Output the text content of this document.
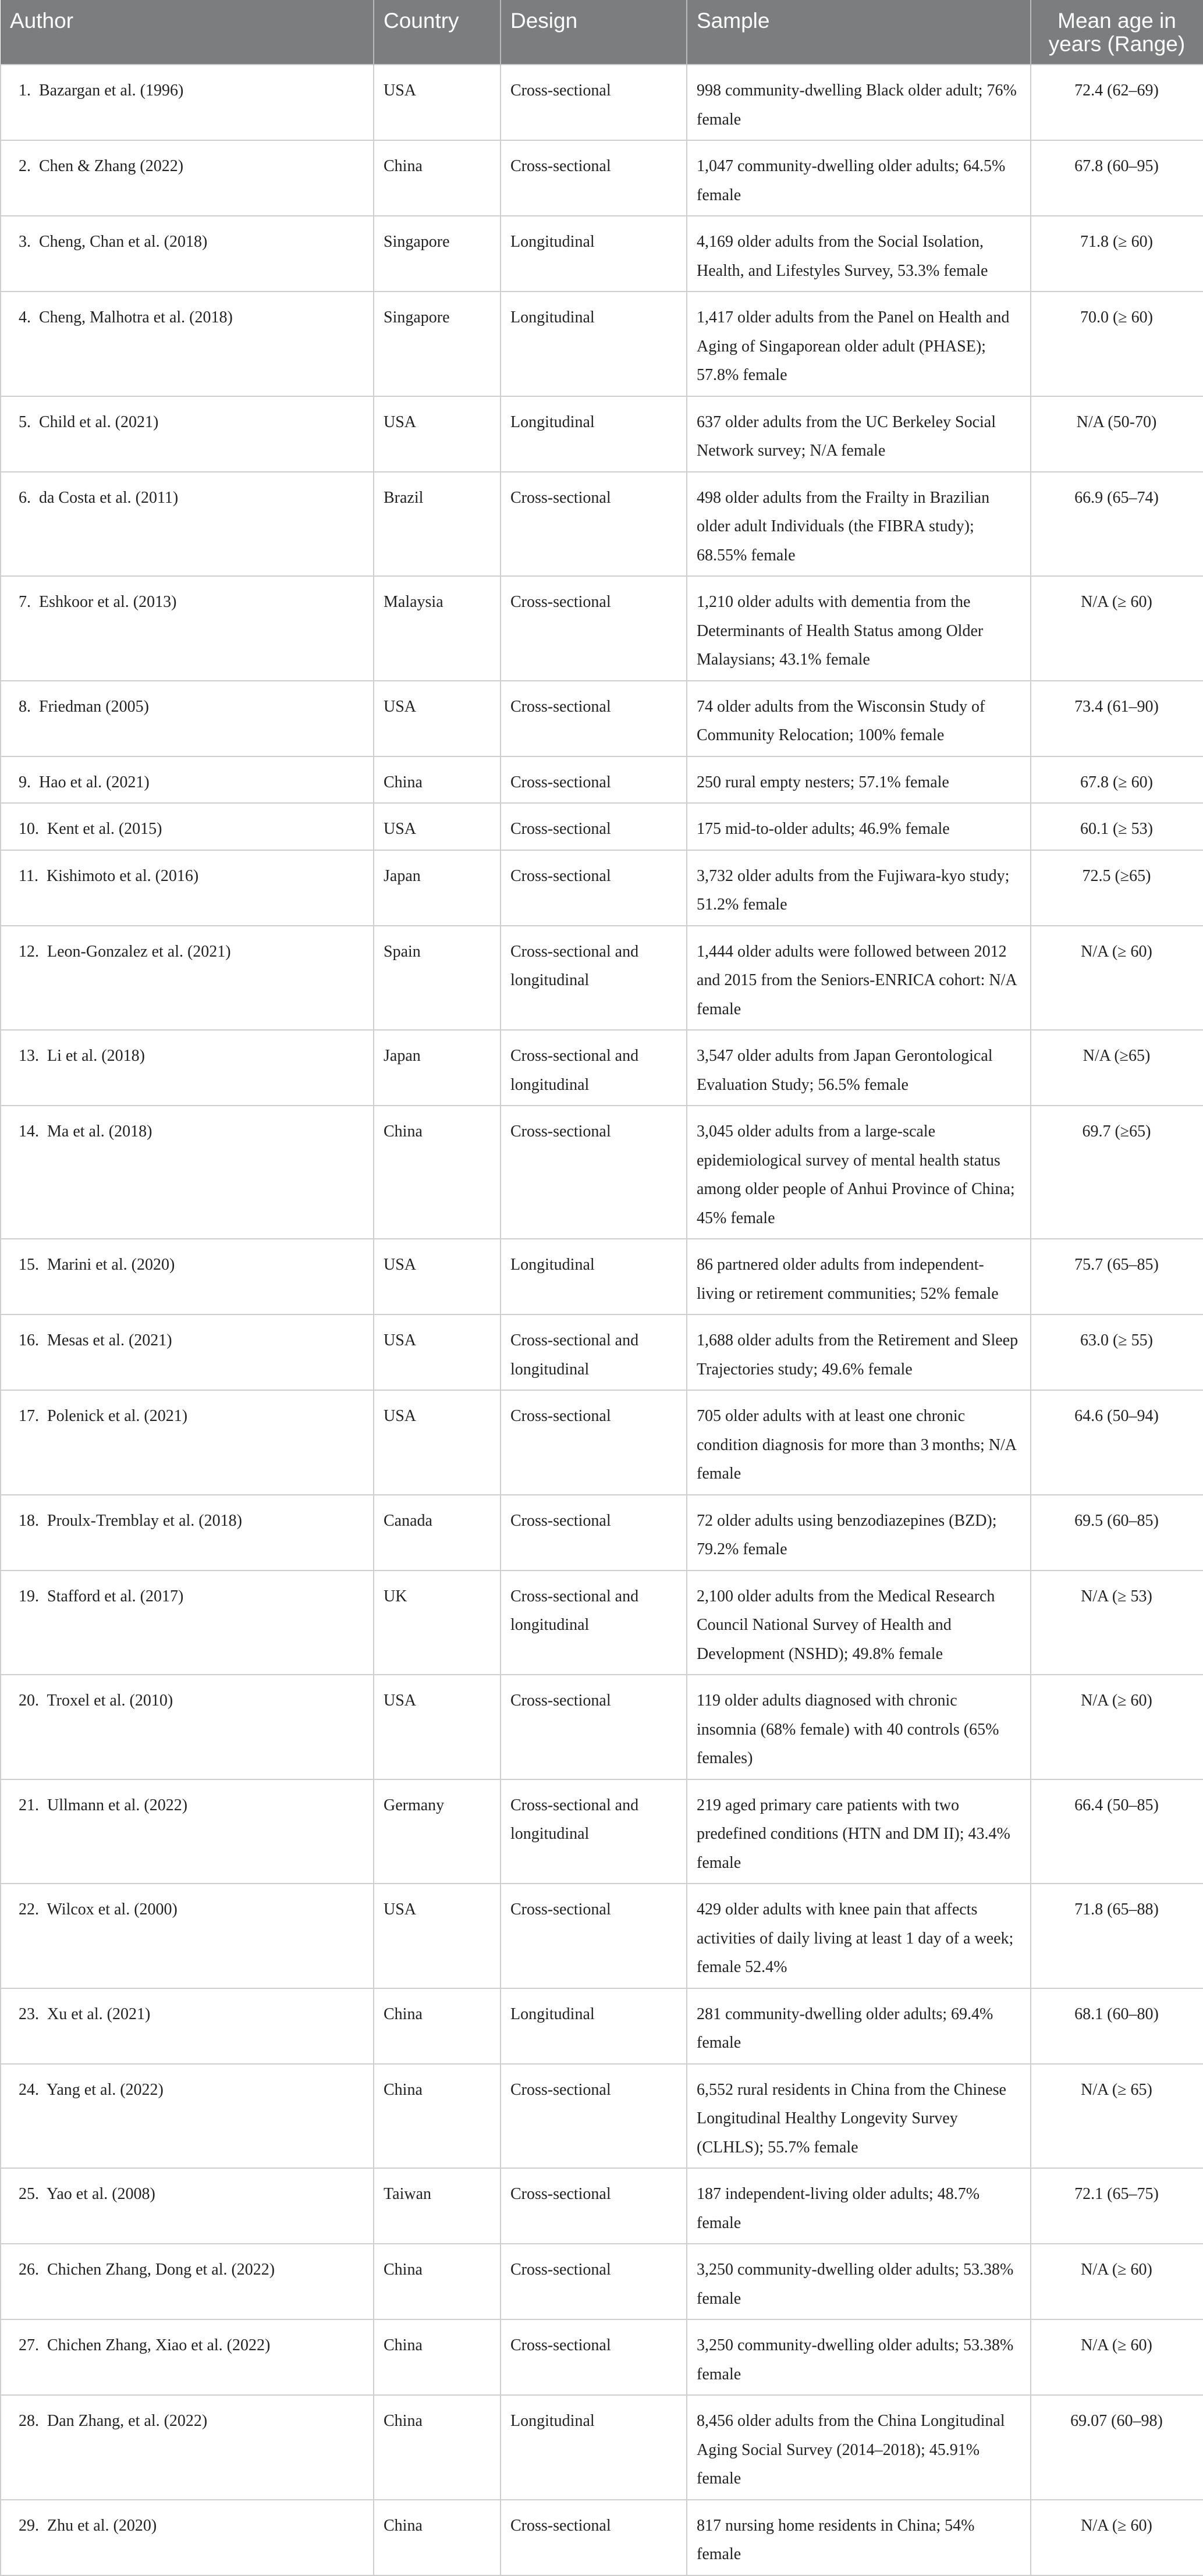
Author	Country	Design	Sample	Mean age in years (Range)
1.  Bazargan et al. (1996)	USA	Cross-sectional	998 community-dwelling Black older adult; 76% female	72.4 (62–69)
2.  Chen & Zhang (2022)	China	Cross-sectional	1,047 community-dwelling older adults; 64.5% female	67.8 (60–95)
3.  Cheng, Chan et al. (2018)	Singapore	Longitudinal	4,169 older adults from the Social Isolation, Health, and Lifestyles Survey, 53.3% female	71.8 (≥ 60)
4.  Cheng, Malhotra et al. (2018)	Singapore	Longitudinal	1,417 older adults from the Panel on Health and Aging of Singaporean older adult (PHASE); 57.8% female	70.0 (≥ 60)
5.  Child et al. (2021)	USA	Longitudinal	637 older adults from the UC Berkeley Social Network survey; N/A female	N/A (50-70)
6.  da Costa et al. (2011)	Brazil	Cross-sectional	498 older adults from the Frailty in Brazilian older adult Individuals (the FIBRA study); 68.55% female	66.9 (65–74)
7.  Eshkoor et al. (2013)	Malaysia	Cross-sectional	1,210 older adults with dementia from the Determinants of Health Status among Older Malaysians; 43.1% female	N/A (≥ 60)
8.  Friedman (2005)	USA	Cross-sectional	74 older adults from the Wisconsin Study of Community Relocation; 100% female	73.4 (61–90)
9.  Hao et al. (2021)	China	Cross-sectional	250 rural empty nesters; 57.1% female	67.8 (≥ 60)
10.  Kent et al. (2015)	USA	Cross-sectional	175 mid-to-older adults; 46.9% female	60.1 (≥ 53)
11.  Kishimoto et al. (2016)	Japan	Cross-sectional	3,732 older adults from the Fujiwara-kyo study; 51.2% female	72.5 (≥65)
12.  Leon-Gonzalez et al. (2021)	Spain	Cross-sectional and longitudinal	1,444 older adults were followed between 2012 and 2015 from the Seniors-ENRICA cohort: N/A female	N/A (≥ 60)
13.  Li et al. (2018)	Japan	Cross-sectional and longitudinal	3,547 older adults from Japan Gerontological Evaluation Study; 56.5% female	N/A (≥65)
14.  Ma et al. (2018)	China	Cross-sectional	3,045 older adults from a large-scale epidemiological survey of mental health status among older people of Anhui Province of China; 45% female	69.7 (≥65)
15.  Marini et al. (2020)	USA	Longitudinal	86 partnered older adults from independent-living or retirement communities; 52% female	75.7 (65–85)
16.  Mesas et al. (2021)	USA	Cross-sectional and longitudinal	1,688 older adults from the Retirement and Sleep Trajectories study; 49.6% female	63.0 (≥ 55)
17.  Polenick et al. (2021)	USA	Cross-sectional	705 older adults with at least one chronic condition diagnosis for more than 3 months; N/A female	64.6 (50–94)
18.  Proulx-Tremblay et al. (2018)	Canada	Cross-sectional	72 older adults using benzodiazepines (BZD); 79.2% female	69.5 (60–85)
19.  Stafford et al. (2017)	UK	Cross-sectional and longitudinal	2,100 older adults from the Medical Research Council National Survey of Health and Development (NSHD); 49.8% female	N/A (≥ 53)
20.  Troxel et al. (2010)	USA	Cross-sectional	119 older adults diagnosed with chronic insomnia (68% female) with 40 controls (65% females)	N/A (≥ 60)
21.  Ullmann et al. (2022)	Germany	Cross-sectional and longitudinal	219 aged primary care patients with two predefined conditions (HTN and DM II); 43.4% female	66.4 (50–85)
22.  Wilcox et al. (2000)	USA	Cross-sectional	429 older adults with knee pain that affects activities of daily living at least 1 day of a week; female 52.4%	71.8 (65–88)
23.  Xu et al. (2021)	China	Longitudinal	281 community-dwelling older adults; 69.4% female	68.1 (60–80)
24.  Yang et al. (2022)	China	Cross-sectional	6,552 rural residents in China from the Chinese Longitudinal Healthy Longevity Survey (CLHLS); 55.7% female	N/A (≥ 65)
25.  Yao et al. (2008)	Taiwan	Cross-sectional	187 independent-living older adults; 48.7% female	72.1 (65–75)
26.  Chichen Zhang, Dong et al. (2022)	China	Cross-sectional	3,250 community-dwelling older adults; 53.38% female	N/A (≥ 60)
27.  Chichen Zhang, Xiao et al. (2022)	China	Cross-sectional	3,250 community-dwelling older adults; 53.38% female	N/A (≥ 60)
28.  Dan Zhang, et al. (2022)	China	Longitudinal	8,456 older adults from the China Longitudinal Aging Social Survey (2014–2018); 45.91% female	69.07 (60–98)
29.  Zhu et al. (2020)	China	Cross-sectional	817 nursing home residents in China; 54% female	N/A (≥ 60)
